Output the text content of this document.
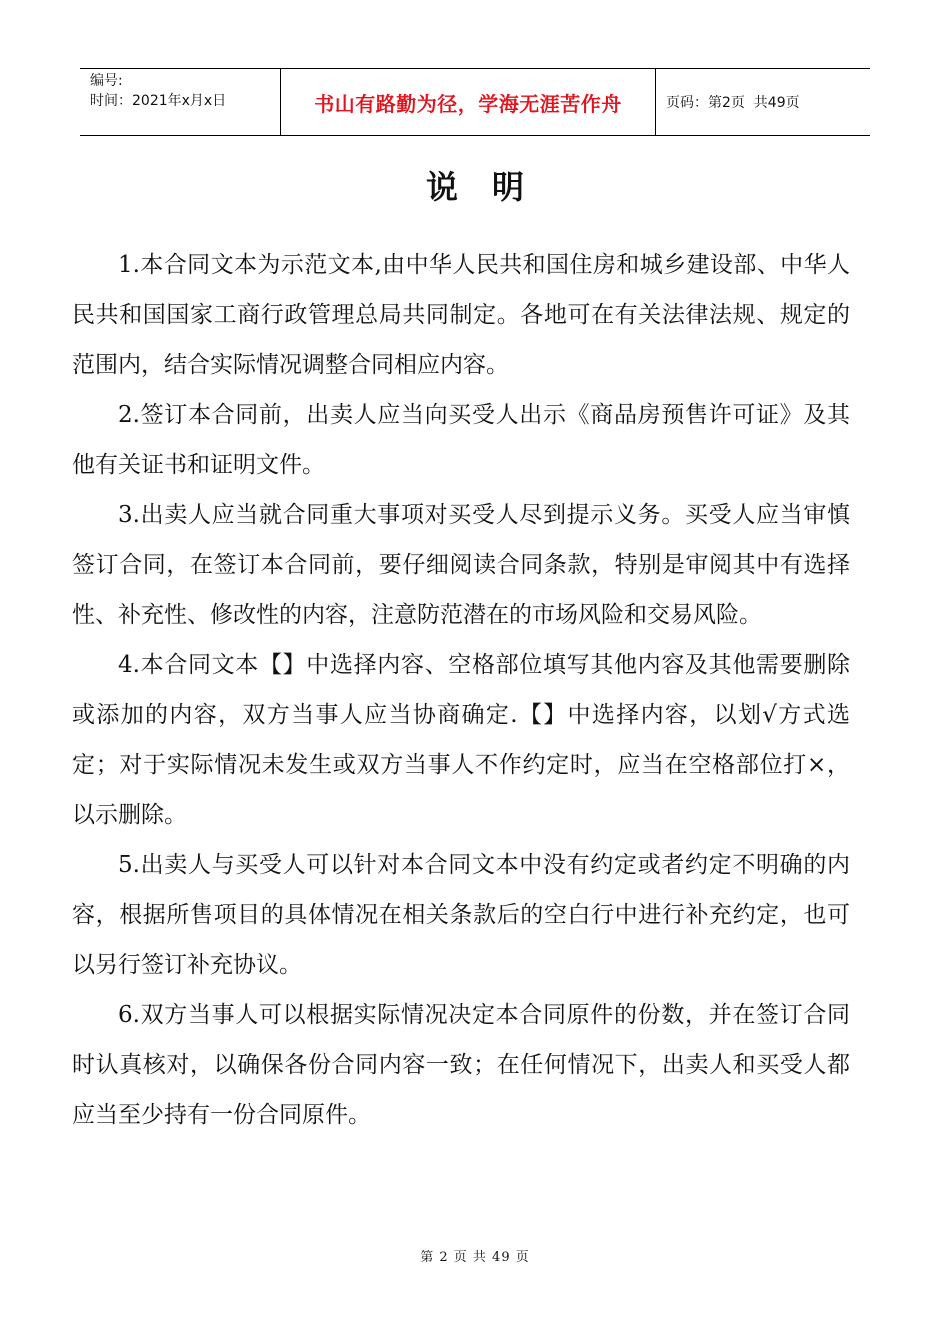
编号:
时间：2021年x月x日	书山有路勤为径，学海无涯苦作舟	页码：第2页  共49页
说明

1.本合同文本为示范文本,由中华人民共和国住房和城乡建设部、中华人民共和国国家工商行政管理总局共同制定。各地可在有关法律法规、规定的范围内，结合实际情况调整合同相应内容。

2.签订本合同前，出卖人应当向买受人出示《商品房预售许可证》及其他有关证书和证明文件。

3.出卖人应当就合同重大事项对买受人尽到提示义务。买受人应当审慎签订合同，在签订本合同前，要仔细阅读合同条款，特别是审阅其中有选择性、补充性、修改性的内容，注意防范潜在的市场风险和交易风险。

4.本合同文本【】中选择内容、空格部位填写其他内容及其他需要删除或添加的内容，双方当事人应当协商确定.【】中选择内容，以划√方式选定；对于实际情况未发生或双方当事人不作约定时，应当在空格部位打×，以示删除。

5.出卖人与买受人可以针对本合同文本中没有约定或者约定不明确的内容，根据所售项目的具体情况在相关条款后的空白行中进行补充约定，也可以另行签订补充协议。

6.双方当事人可以根据实际情况决定本合同原件的份数，并在签订合同时认真核对，以确保各份合同内容一致；在任何情况下，出卖人和买受人都应当至少持有一份合同原件。

第 2 页 共 49 页
